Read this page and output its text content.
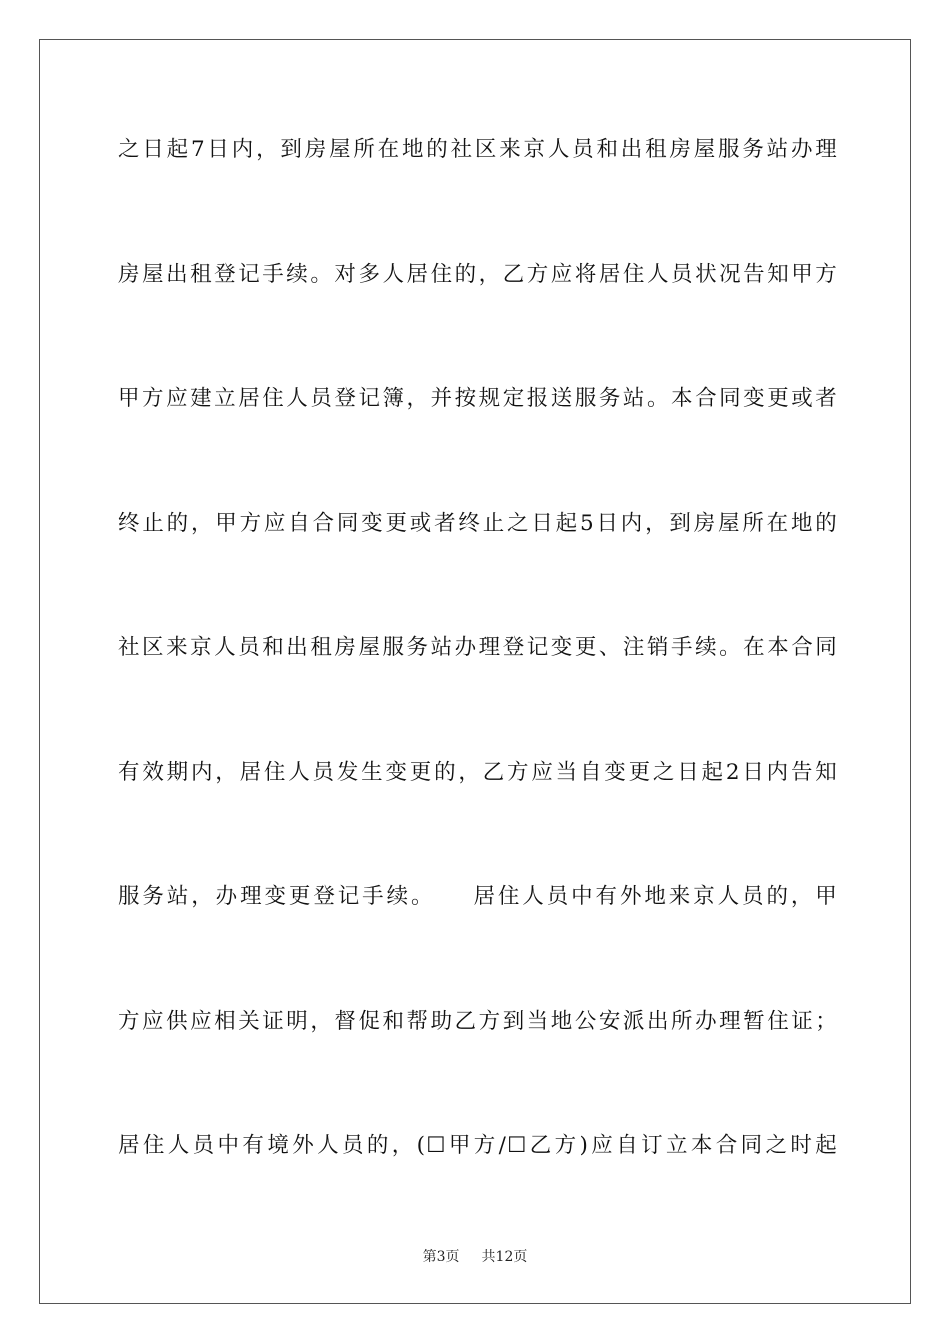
之日起7日内，到房屋所在地的社区来京人员和出租房屋服务站办理
房屋出租登记手续。对多人居住的，乙方应将居住人员状况告知甲方
甲方应建立居住人员登记簿，并按规定报送服务站。本合同变更或者
终止的，甲方应自合同变更或者终止之日起5日内，到房屋所在地的
社区来京人员和出租房屋服务站办理登记变更、注销手续。在本合同
有效期内，居住人员发生变更的，乙方应当自变更之日起2日内告知
服务站，办理变更登记手续。　　居住人员中有外地来京人员的，甲
方应供应相关证明，督促和帮助乙方到当地公安派出所办理暂住证；
居住人员中有境外人员的，(☐甲方/☐乙方)应自订立本合同之时起
第3页 共12页
